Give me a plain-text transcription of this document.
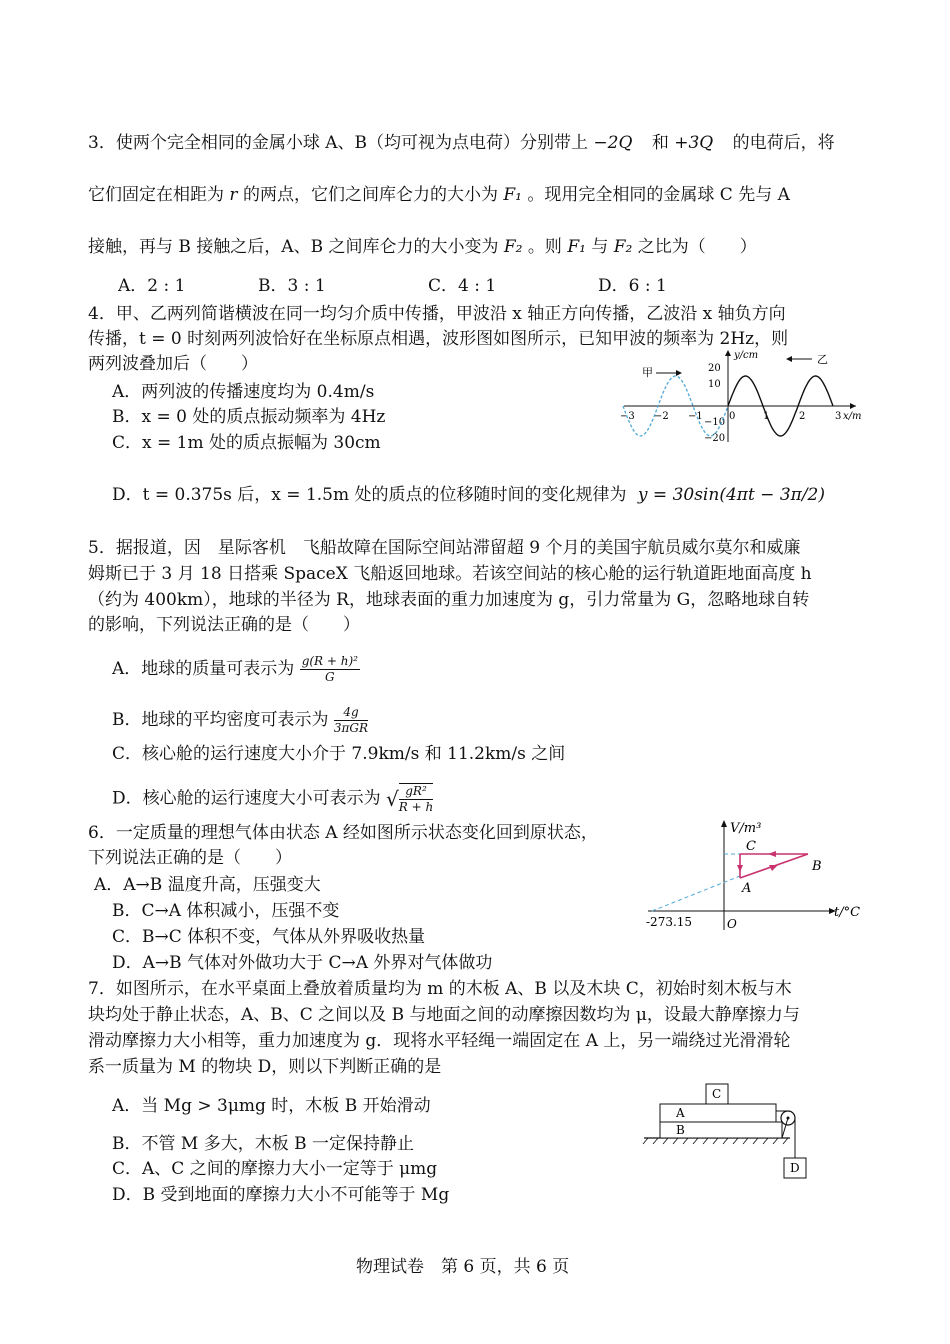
3．使两个完全相同的金属小球 A、B（均可视为点电荷）分别带上 −2Q 和 +3Q 的电荷后，将
它们固定在相距为 r 的两点，它们之间库仑力的大小为 F₁ 。现用完全相同的金属球 C 先与 A
接触，再与 B 接触之后，A、B 之间库仑力的大小变为 F₂ 。则 F₁ 与 F₂ 之比为（　　）
A．2 : 1	B．3 : 1	C．4 : 1	D．6 : 1
4．甲、乙两列简谐横波在同一均匀介质中传播，甲波沿 x 轴正方向传播，乙波沿 x 轴负方向
传播，t = 0 时刻两列波恰好在坐标原点相遇，波形图如图所示，已知甲波的频率为 2Hz，则
两列波叠加后（　　）
A．两列波的传播速度均为 0.4m/s
B．x = 0 处的质点振动频率为 4Hz
C．x = 1m 处的质点振幅为 30cm
D．t = 0.375s 后，x = 1.5m 处的质点的位移随时间的变化规律为 y = 30sin(4πt − 3π/2)
y/cm
x/m
20
10
−10
−20
−3 −2 −1	0	1	2	3
甲
乙
5．据报道，因　星际客机　飞船故障在国际空间站滞留超 9 个月的美国宇航员威尔莫尔和威廉
姆斯已于 3 月 18 日搭乘 SpaceX 飞船返回地球。若该空间站的核心舱的运行轨道距地面高度 h
（约为 400km），地球的半径为 R，地球表面的重力加速度为 g，引力常量为 G，忽略地球自转
的影响，下列说法正确的是（　　）
A．地球的质量可表示为 $\frac{\text{g(R + h)²}}{G}$
B．地球的平均密度可表示为	4g
3πGR
C．核心舱的运行速度大小介于 7.9km/s 和 11.2km/s 之间
D．核心舱的运行速度大小可表示为 √ $\frac{\text{gR²}}{R + h}$
6．一定质量的理想气体由状态 A 经如图所示状态变化回到原状态，
下列说法正确的是（　　）
A．A→B 温度升高，压强变大
B．C→A 体积减小，压强不变
C．B→C 体积不变，气体从外界吸收热量
D．A→B 气体对外做功大于 C→A 外界对气体做功
V/m³
t/°C
O
-273.15
A
B
C
7．如图所示，在水平桌面上叠放着质量均为 m 的木板 A、B 以及木块 C，初始时刻木板与木
块均处于静止状态，A、B、C 之间以及 B 与地面之间的动摩擦因数均为 μ，设最大静摩擦力与
滑动摩擦力大小相等，重力加速度为 g．现将水平轻绳一端固定在 A 上，另一端绕过光滑滑轮
系一质量为 M 的物块 D，则以下判断正确的是
A．当 Mg > 3μmg 时，木板 B 开始滑动
B．不管 M 多大，木板 B 一定保持静止
C．A、C 之间的摩擦力大小一定等于 μmg
D．B 受到地面的摩擦力大小不可能等于 Mg
B
A
C
D
物理试卷　第 6 页，共 6 页
